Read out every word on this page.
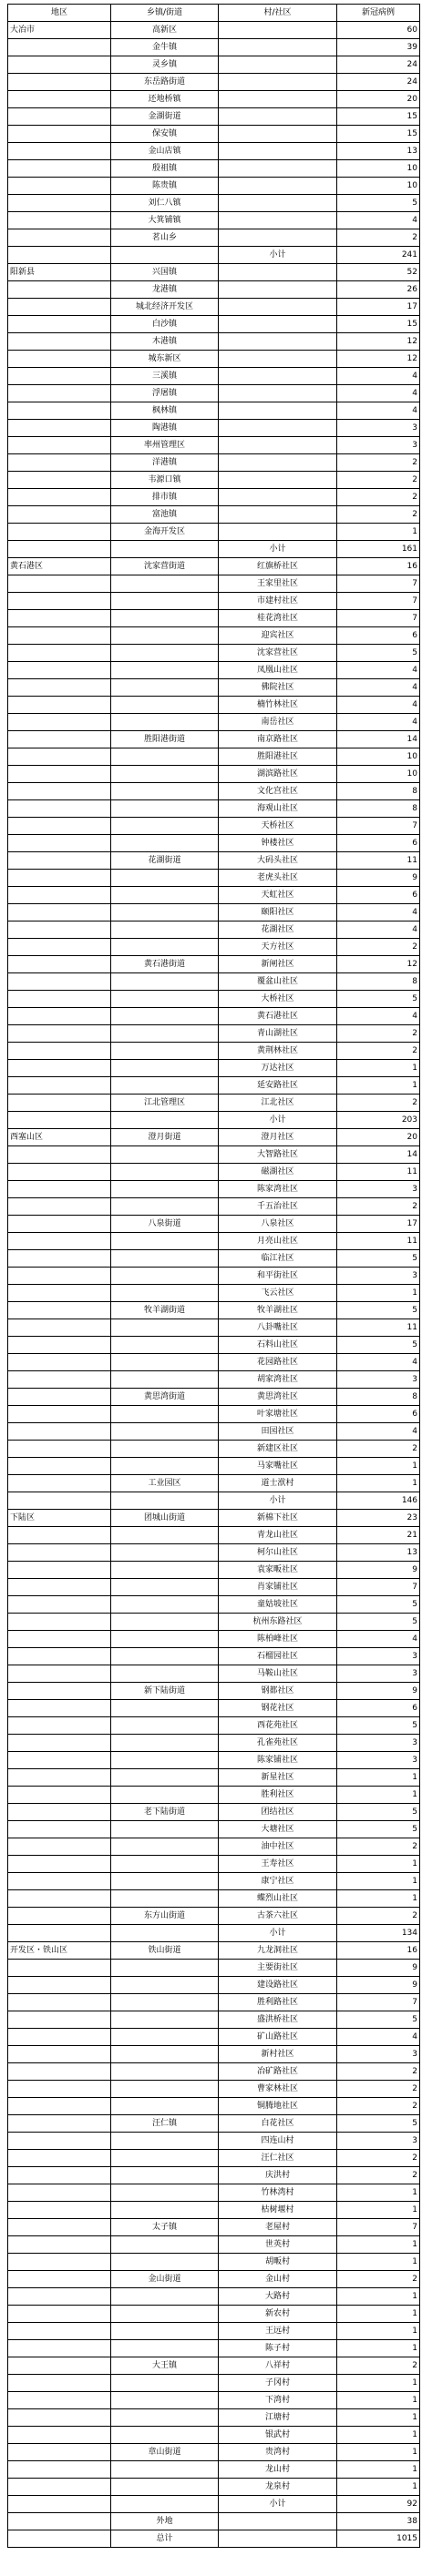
地区	乡镇/街道	村/社区	新冠病例
大冶市	高新区		60
	金牛镇		39
	灵乡镇		24
	东岳路街道		24
	还地桥镇		20
	金湖街道		15
	保安镇		15
	金山店镇		13
	殷祖镇		10
	陈贵镇		10
	刘仁八镇		5
	大箕铺镇		4
	茗山乡		2
		小计	241
阳新县	兴国镇		52
	龙港镇		26
	城北经济开发区		17
	白沙镇		15
	木港镇		12
	城东新区		12
	三溪镇		4
	浮屠镇		4
	枫林镇		4
	陶港镇		3
	率州管理区		3
	洋港镇		2
	韦源口镇		2
	排市镇		2
	富池镇		2
	金海开发区		1
		小计	161
黄石港区	沈家营街道	红旗桥社区	16
		王家里社区	7
		市建村社区	7
		桂花湾社区	7
		迎宾社区	6
		沈家营社区	5
		凤凰山社区	4
		佛院社区	4
		楠竹林社区	4
		南岳社区	4
	胜阳港街道	南京路社区	14
		胜阳港社区	10
		湖滨路社区	10
		文化宫社区	8
		海观山社区	8
		天桥社区	7
		钟楼社区	6
	花湖街道	大码头社区	11
		老虎头社区	9
		天虹社区	6
		颐阳社区	4
		花湖社区	4
		天方社区	2
	黄石港街道	新闸社区	12
		覆盆山社区	8
		大桥社区	5
		黄石港社区	4
		青山湖社区	2
		黄荆林社区	2
		万达社区	1
		延安路社区	1
	江北管理区	江北社区	2
		小计	203
西塞山区	澄月街道	澄月社区	20
		大智路社区	14
		磁湖社区	11
		陈家湾社区	3
		千五治社区	2
	八泉街道	八泉社区	17
		月亮山社区	11
		临江社区	5
		和平街社区	3
		飞云社区	1
	牧羊湖街道	牧羊湖社区	5
		八卦嘴社区	11
		石料山社区	5
		花园路社区	4
		胡家湾社区	3
	黄思湾街道	黄思湾社区	8
		叶家塘社区	6
		田园社区	4
		新建区社区	2
		马家嘴社区	1
	工业园区	道士洑村	1
		小计	146
下陆区	团城山街道	新棉下社区	23
		青龙山社区	21
		柯尔山社区	13
		袁家畈社区	9
		肖家铺社区	7
		童姑坡社区	5
		杭州东路社区	5
		陈柏峰社区	4
		石榴园社区	3
		马鞍山社区	3
	新下陆街道	钢都社区	9
		钢花社区	6
		西花苑社区	5
		孔雀苑社区	3
		陈家铺社区	3
		新星社区	1
		胜利社区	1
	老下陆街道	团结社区	5
		大塘社区	5
		油中社区	2
		王寿社区	1
		康宁社区	1
		蝶烈山社区	1
	东方山街道	古茶六社区	2
		小计	134
开发区・铁山区	铁山街道	九龙洞社区	16
		主要街社区	9
		建设路社区	9
		胜利路社区	7
		盛洪桥社区	5
		矿山路社区	4
		新村社区	3
		冶矿路社区	2
		曹家林社区	2
		铜腾地社区	2
	汪仁镇	白花社区	5
		四连山村	3
		汪仁社区	2
		庆洪村	2
		竹林湾村	1
		枯树堰村	1
	太子镇	老屋村	7
		世英村	1
		胡畈村	1
	金山街道	金山村	2
		大路村	1
		新农村	1
		王远村	1
		陈子村	1
	大王镇	八祥村	2
		子冈村	1
		下湾村	1
		江塘村	1
		银武村	1
	章山街道	贵湾村	1
		龙山村	1
		龙泉村	1
		小计	92
	外地		38
	总计		1015
